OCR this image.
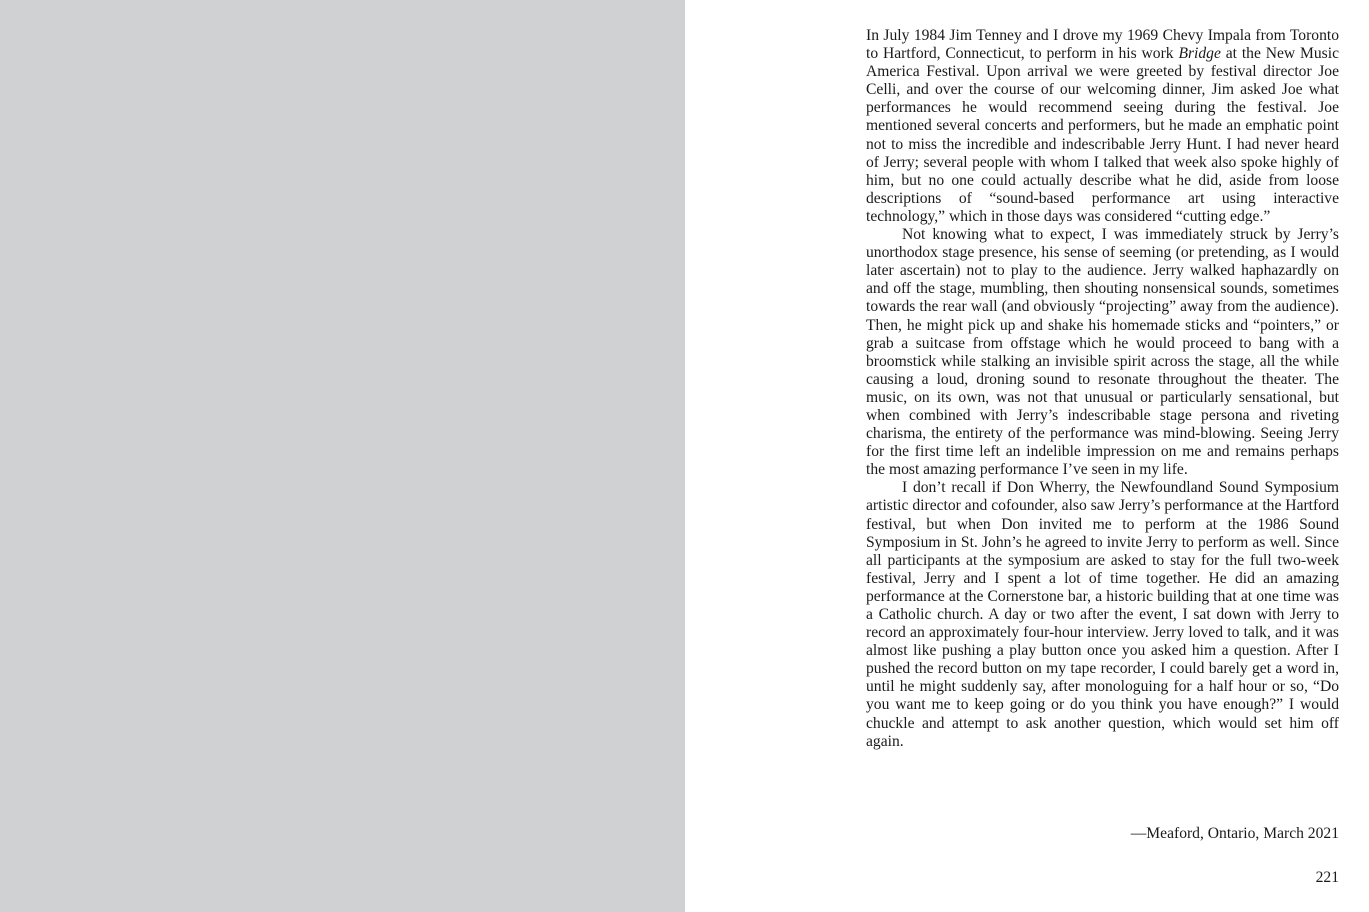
In July 1984 Jim Tenney and I drove my 1969 Chevy Impala from Toronto to Hartford, Connecticut, to perform in his work Bridge at the New Music America Festival. Upon arrival we were greeted by festival director Joe Celli, and over the course of our welcoming dinner, Jim asked Joe what performances he would recommend seeing during the festival. Joe mentioned several concerts and performers, but he made an emphatic point not to miss the incredible and indescribable Jerry Hunt. I had never heard of Jerry; several people with whom I talked that week also spoke highly of him, but no one could actually describe what he did, aside from loose descriptions of “sound-based performance art using interactive technology,” which in those days was considered “cutting edge.”

Not knowing what to expect, I was immediately struck by Jerry’s unorthodox stage presence, his sense of seeming (or pretending, as I would later ascertain) not to play to the audience. Jerry walked haphazardly on and off the stage, mumbling, then shouting nonsensical sounds, sometimes towards the rear wall (and obviously “projecting” away from the audience). Then, he might pick up and shake his homemade sticks and “pointers,” or grab a suitcase from offstage which he would proceed to bang with a broomstick while stalking an invisible spirit across the stage, all the while causing a loud, droning sound to resonate throughout the theater. The music, on its own, was not that unusual or particularly sensational, but when combined with Jerry’s indescribable stage persona and riveting charisma, the entirety of the performance was mind-blowing. Seeing Jerry for the first time left an indelible impression on me and remains perhaps the most amazing performance I’ve seen in my life.

I don’t recall if Don Wherry, the Newfoundland Sound Symposium artistic director and cofounder, also saw Jerry’s performance at the Hartford festival, but when Don invited me to perform at the 1986 Sound Symposium in St. John’s he agreed to invite Jerry to perform as well. Since all participants at the symposium are asked to stay for the full two-week festival, Jerry and I spent a lot of time together. He did an amazing performance at the Cornerstone bar, a historic building that at one time was a Catholic church. A day or two after the event, I sat down with Jerry to record an approximately four-hour interview. Jerry loved to talk, and it was almost like pushing a play button once you asked him a question. After I pushed the record button on my tape recorder, I could barely get a word in, until he might suddenly say, after monologuing for a half hour or so, “Do you want me to keep going or do you think you have enough?” I would chuckle and attempt to ask another question, which would set him off again.

—Meaford, Ontario, March 2021
221
